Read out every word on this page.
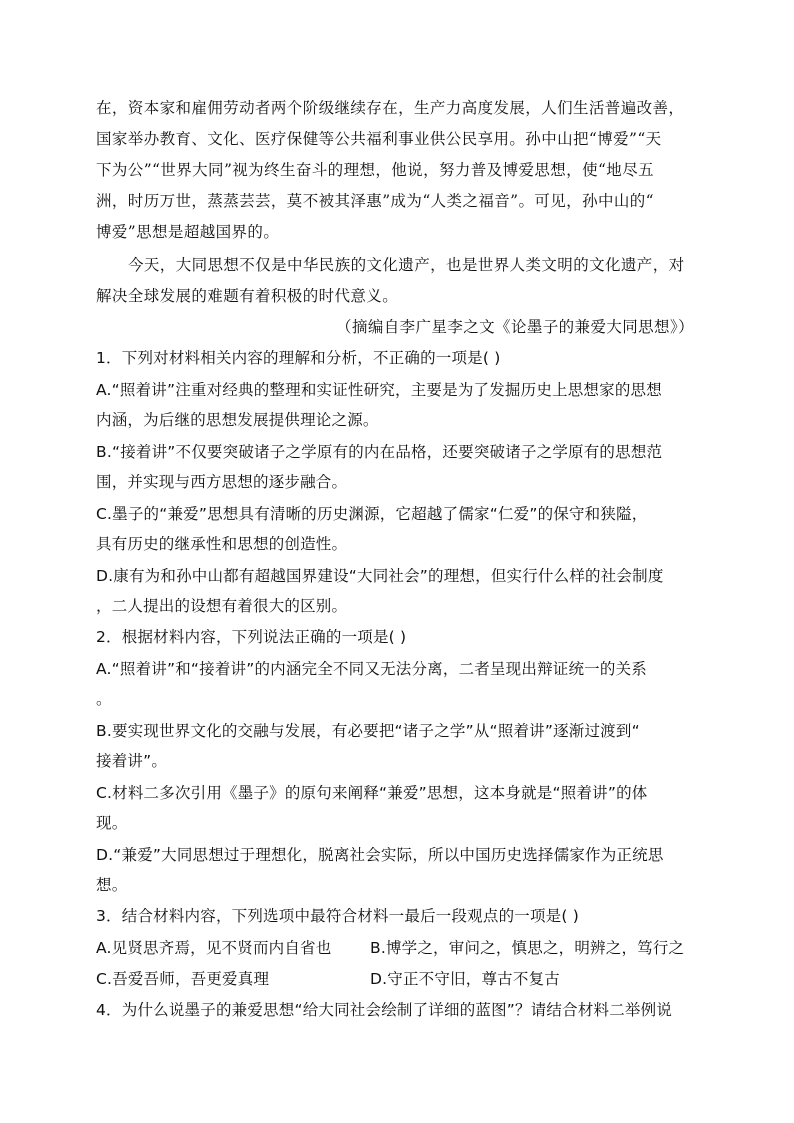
在，资本家和雇佣劳动者两个阶级继续存在，生产力高度发展，人们生活普遍改善，
国家举办教育、文化、医疗保健等公共福利事业供公民享用。孙中山把“博爱”“天
下为公”“世界大同”视为终生奋斗的理想，他说，努力普及博爱思想，使“地尽五
洲，时历万世，蒸蒸芸芸，莫不被其泽惠”成为“人类之福音”。可见，孙中山的“
博爱”思想是超越国界的。
今天，大同思想不仅是中华民族的文化遗产，也是世界人类文明的文化遗产，对
解决全球发展的难题有着积极的时代意义。
（摘编自李广星李之文《论墨子的兼爱大同思想》）
1．下列对材料相关内容的理解和分析，不正确的一项是( )
A.“照着讲”注重对经典的整理和实证性研究，主要是为了发掘历史上思想家的思想
内涵，为后继的思想发展提供理论之源。
B.“接着讲”不仅要突破诸子之学原有的内在品格，还要突破诸子之学原有的思想范
围，并实现与西方思想的逐步融合。
C.墨子的“兼爱”思想具有清晰的历史渊源，它超越了儒家“仁爱”的保守和狭隘，
具有历史的继承性和思想的创造性。
D.康有为和孙中山都有超越国界建设“大同社会”的理想，但实行什么样的社会制度
，二人提出的设想有着很大的区别。
2．根据材料内容，下列说法正确的一项是( )
A.“照着讲”和“接着讲”的内涵完全不同又无法分离，二者呈现出辩证统一的关系
。
B.要实现世界文化的交融与发展，有必要把“诸子之学”从“照着讲”逐渐过渡到“
接着讲”。
C.材料二多次引用《墨子》的原句来阐释“兼爱”思想，这本身就是“照着讲”的体
现。
D.“兼爱”大同思想过于理想化，脱离社会实际，所以中国历史选择儒家作为正统思
想。
3．结合材料内容，下列选项中最符合材料一最后一段观点的一项是( )
A.见贤思齐焉，见不贤而内自省也 B.博学之，审问之，慎思之，明辨之，笃行之
C.吾爱吾师，吾更爱真理	D.守正不守旧，尊古不复古
4．为什么说墨子的兼爱思想“给大同社会绘制了详细的蓝图”？请结合材料二举例说
